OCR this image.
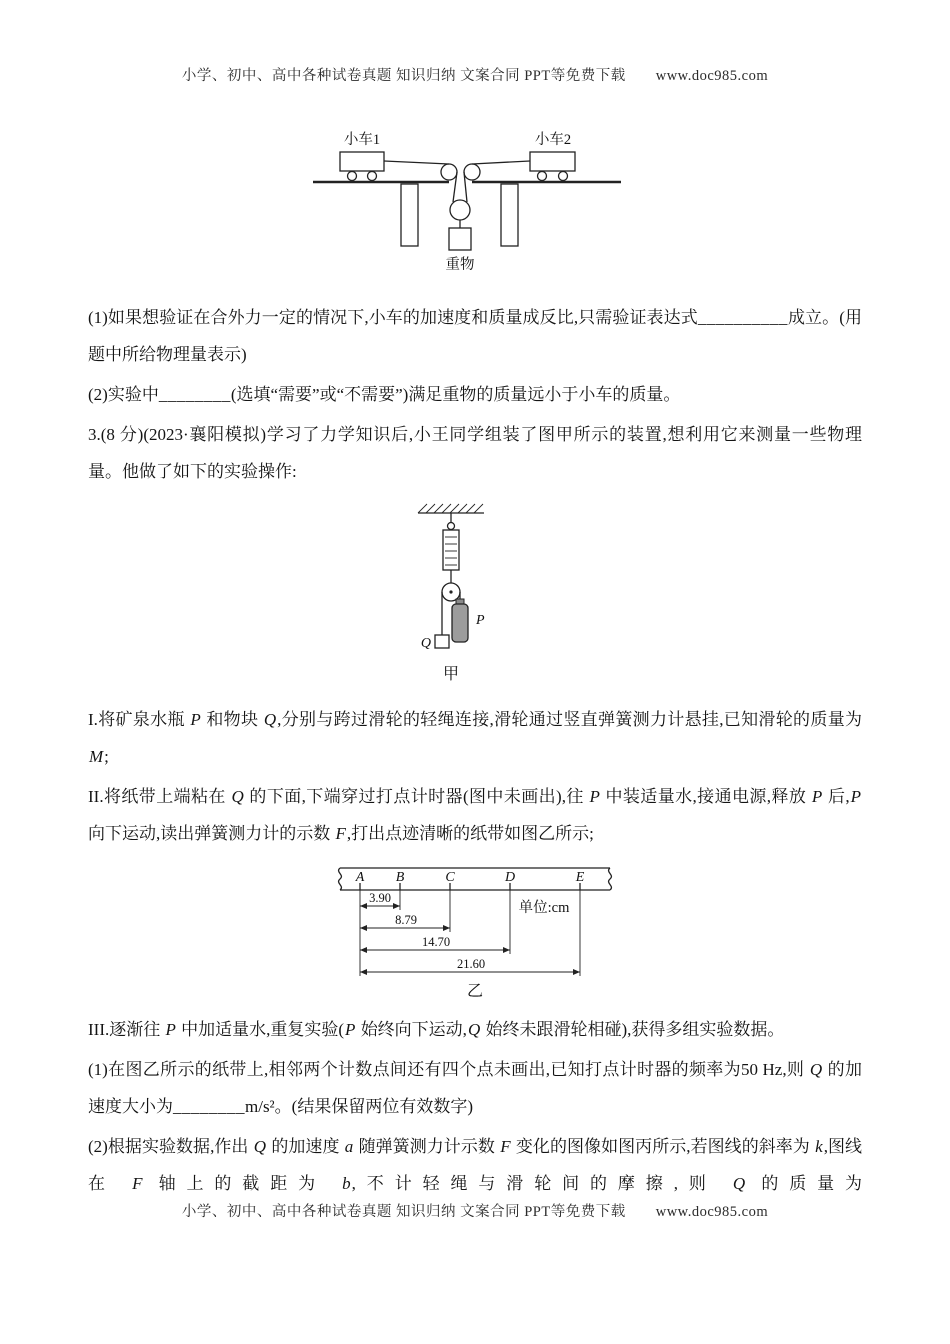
小学、初中、高中各种试卷真题 知识归纳 文案合同 PPT等免费下载 www.doc985.com
小车1	小车2
重物

(1)如果想验证在合外力一定的情况下,小车的加速度和质量成反比,只需验证表达式__________成立。(用题中所给物理量表示)

(2)实验中________(选填“需要”或“不需要”)满足重物的质量远小于小车的质量。

3.(8 分)(2023·襄阳模拟)学习了力学知识后,小王同学组装了图甲所示的装置,想利用它来测量一些物理量。他做了如下的实验操作:

P
Q
甲

I.将矿泉水瓶 P 和物块 Q,分别与跨过滑轮的轻绳连接,滑轮通过竖直弹簧测力计悬挂,已知滑轮的质量为 M;

II.将纸带上端粘在 Q 的下面,下端穿过打点计时器(图中未画出),往 P 中装适量水,接通电源,释放 P 后,P 向下运动,读出弹簧测力计的示数 F,打出点迹清晰的纸带如图乙所示;

A B	C	D	E
3.90
8.79
14.70
21.60
单位:cm
乙

III.逐渐往 P 中加适量水,重复实验(P 始终向下运动,Q 始终未跟滑轮相碰),获得多组实验数据。

(1)在图乙所示的纸带上,相邻两个计数点间还有四个点未画出,已知打点计时器的频率为50 Hz,则 Q 的加速度大小为________m/s²。(结果保留两位有效数字)

(2)根据实验数据,作出 Q 的加速度 a 随弹簧测力计示数 F 变化的图像如图丙所示,若图线的斜率为 k,图线在 F 轴上的截距为 b,不计轻绳与滑轮间的摩擦,则 Q 的质量为

小学、初中、高中各种试卷真题 知识归纳 文案合同 PPT等免费下载 www.doc985.com
